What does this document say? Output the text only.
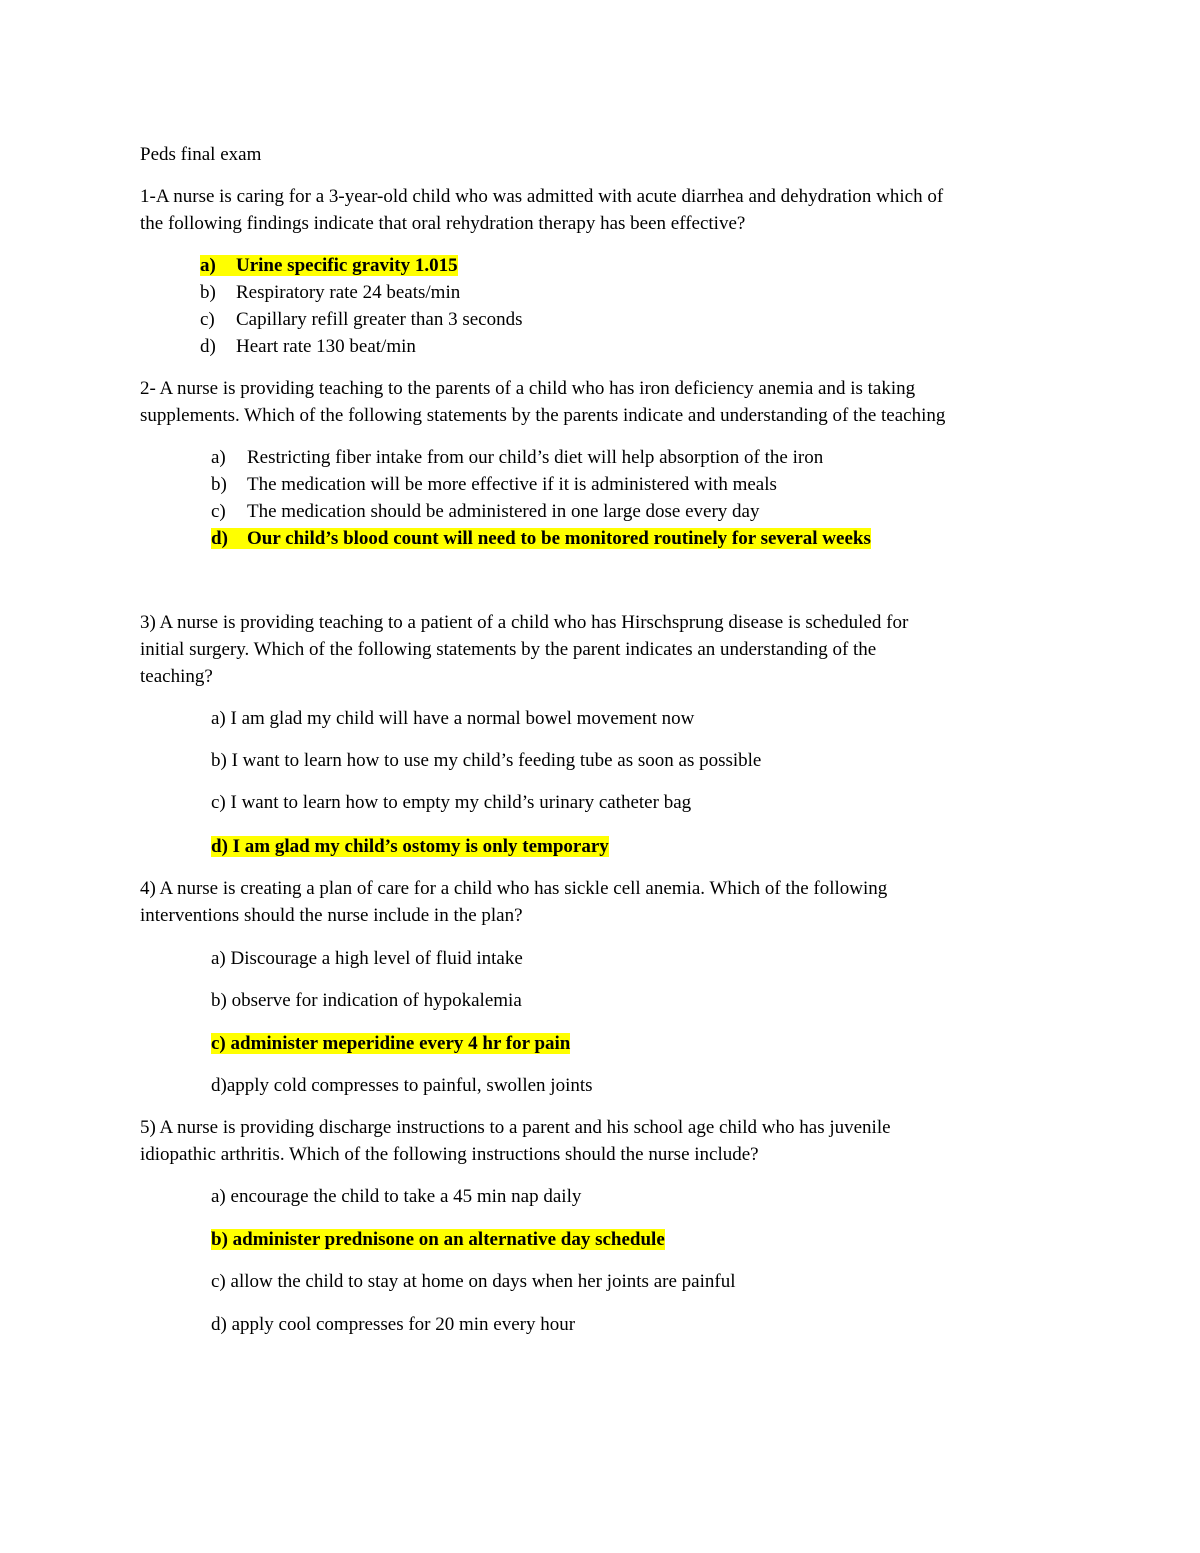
Peds final exam
1-A nurse is caring for a 3-year-old child who was admitted with acute diarrhea and dehydration which of
the following findings indicate that oral rehydration therapy has been effective?
a) Urine specific gravity 1.015
b) Respiratory rate 24 beats/min
c) Capillary refill greater than 3 seconds
d) Heart rate 130 beat/min
2- A nurse is providing teaching to the parents of a child who has iron deficiency anemia and is taking
supplements. Which of the following statements by the parents indicate and understanding of the teaching
a) Restricting fiber intake from our child’s diet will help absorption of the iron
b) The medication will be more effective if it is administered with meals
c) The medication should be administered in one large dose every day
d) Our child’s blood count will need to be monitored routinely for several weeks
3) A nurse is providing teaching to a patient of a child who has Hirschsprung disease is scheduled for
initial surgery. Which of the following statements by the parent indicates an understanding of the
teaching?
a) I am glad my child will have a normal bowel movement now
b) I want to learn how to use my child’s feeding tube as soon as possible
c) I want to learn how to empty my child’s urinary catheter bag
d) I am glad my child’s ostomy is only temporary
4) A nurse is creating a plan of care for a child who has sickle cell anemia. Which of the following
interventions should the nurse include in the plan?
a) Discourage a high level of fluid intake
b) observe for indication of hypokalemia
c) administer meperidine every 4 hr for pain
d)apply cold compresses to painful, swollen joints
5) A nurse is providing discharge instructions to a parent and his school age child who has juvenile
idiopathic arthritis. Which of the following instructions should the nurse include?
a) encourage the child to take a 45 min nap daily
b) administer prednisone on an alternative day schedule
c) allow the child to stay at home on days when her joints are painful
d) apply cool compresses for 20 min every hour
